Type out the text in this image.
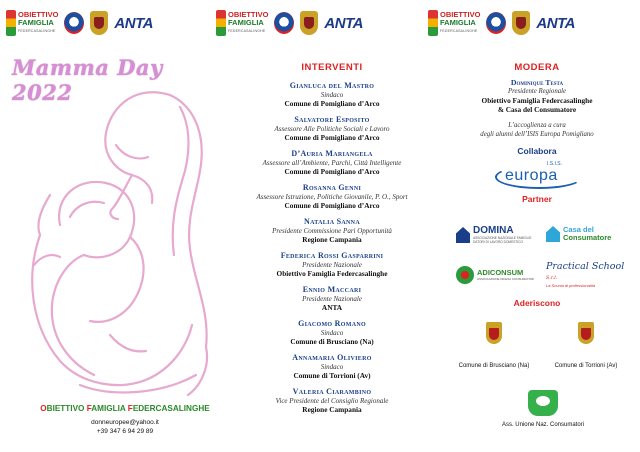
OBIETTIVO
FAMIGLIA
FEDERCASALINGHE	ANTA	OBIETTIVO
FAMIGLIA
FEDERCASALINGHE	ANTA	OBIETTIVO
FAMIGLIA
FEDERCASALINGHE	ANTA
Mamma Day 2022
OBIETTIVO FAMIGLIA FEDERCASALINGHE
donneuropee@yahoo.it
+39 347 6 94 29 89
INTERVENTI
Gianluca del Mastro
Sindaco
Comune di Pomigliano d’Arco
Salvatore Esposito
Assessore Alle Politiche Sociali e Lavoro
Comune di Pomigliano d’Arco
D’Auria Mariangela
Assessore all’Ambiente, Parchi, Città Intelligente
Comune di Pomigliano d’Arco
Rosanna Genni
Assessore Istruzione, Politiche Giovanile, P. O., Sport
Comune di Pomigliano d’Arco
Natalia Sanna
Presidente Commissione Pari Opportunità
Regione Campania
Federica Rossi Gasparrini
Presidente Nazionale
Obiettivo Famiglia Federcasalinghe
Ennio Maccari
Presidente Nazionale
ANTA
Giacomo Romano
Sindaco
Comune di Brusciano (Na)
Annamaria Oliviero
Sindaco
Comune di Torrioni (Av)
Valeria Ciarambino
Vice Presidente del Consiglio Regionale
Regione Campania
MODERA
Dominique Testa
Presidente Regionale
Obiettivo Famiglia Federcasalinghe
& Casa del Consumatore
L’accoglienza a cura
degli alunni dell’ISIS Europa Pomigliano
Collabora
europa
I.S.I.S.
Partner
DOMINA
ASSOCIAZIONE NAZIONALE FAMIGLIE DATORI DI LAVORO DOMESTICO
Casa del
Consumatore
ADICONSUM
ASSOCIAZIONE DIFESA CONSUMATORI
Practical School S.r.l.
La Scuola di professionalità
Aderiscono
Comune di Brusciano (Na)	Comune di Torrioni (Av)
Ass. Unione Naz. Consumatori
